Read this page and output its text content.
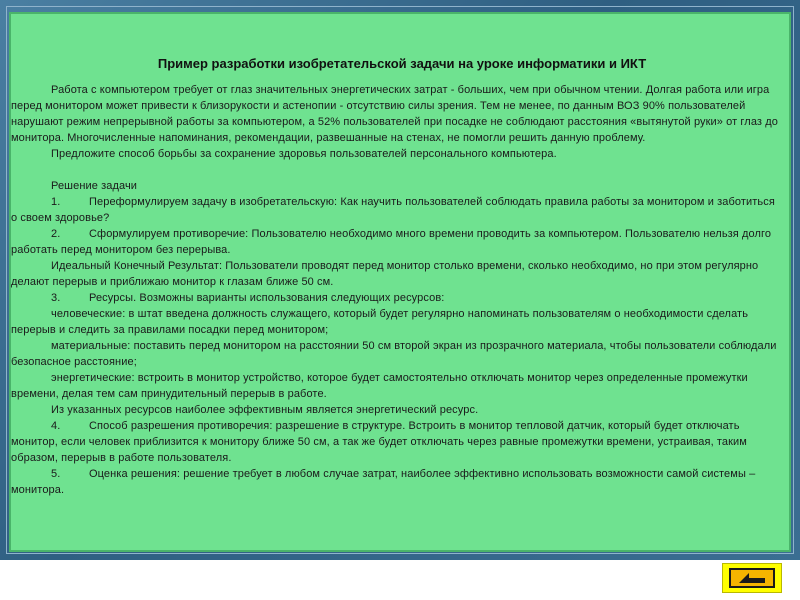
Пример разработки изобретательской задачи на уроке информатики и ИКТ

Работа с компьютером требует от глаз значительных энергетических затрат - больших, чем при обычном чтении. Долгая работа или игра перед монитором может привести к близорукости и астенопии - отсутствию силы зрения. Тем не менее, по данным ВОЗ 90% пользователей нарушают режим непрерывной работы за компьютером, а 52% пользователей при посадке не соблюдают расстояния «вытянутой руки» от глаз до монитора. Многочисленные напоминания, рекомендации, развешанные на стенах, не помогли решить данную проблему.

Предложите способ борьбы за сохранение здоровья пользователей персонального компьютера.

Решение задачи

1.	Переформулируем задачу в изобретательскую: Как научить пользователей соблюдать правила работы за монитором и заботиться о своем здоровье?

2.	Сформулируем противоречие: Пользователю необходимо много времени проводить за компьютером. Пользователю нельзя долго работать перед монитором без перерыва.

Идеальный Конечный Результат: Пользователи проводят перед монитор столько времени, сколько необходимо, но при этом регулярно делают перерыв и приближаю монитор к глазам ближе 50 см.

3.	Ресурсы. Возможны варианты использования следующих ресурсов:

человеческие: в штат введена должность служащего, который будет регулярно напоминать пользователям о необходимости сделать перерыв и следить за правилами посадки перед монитором;

материальные: поставить перед монитором на расстоянии 50 см второй экран из прозрачного материала, чтобы пользователи соблюдали безопасное расстояние;

энергетические: встроить в монитор устройство, которое будет самостоятельно отключать монитор через определенные промежутки времени, делая тем сам принудительный перерыв в работе.

Из указанных ресурсов наиболее эффективным является энергетический ресурс.

4.	Способ разрешения противоречия: разрешение в структуре. Встроить в монитор тепловой датчик, который будет отключать монитор, если человек приблизится к монитору ближе 50 см, а так же будет отключать через равные промежутки времени, устраивая, таким образом, перерыв в работе пользователя.

5.	Оценка решения: решение требует в любом случае затрат, наиболее эффективно использовать возможности самой системы – монитора.
